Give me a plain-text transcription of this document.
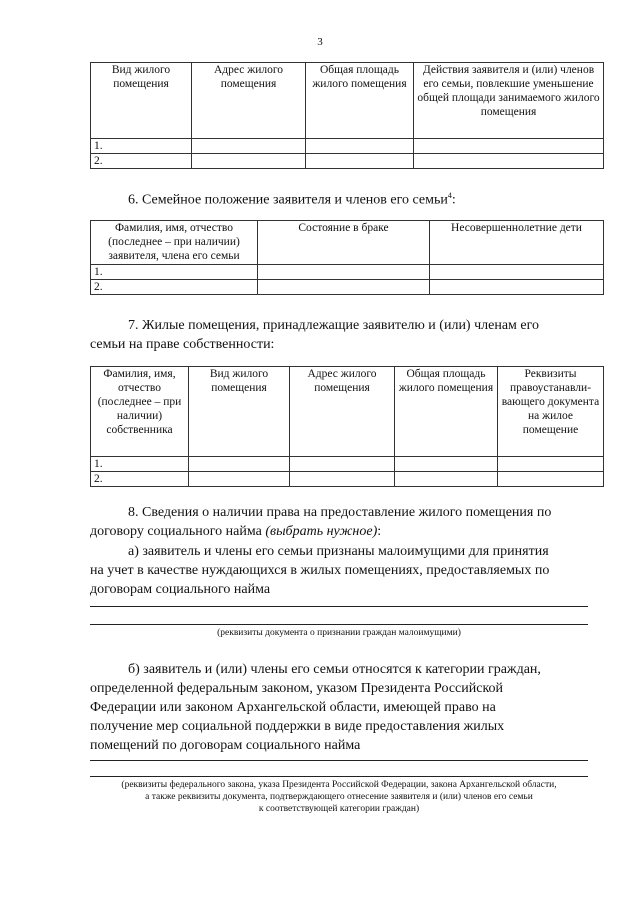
3
Вид жилого помещения	Адрес жилого помещения	Общая площадь жилого помещения	Действия заявителя и (или) членов его семьи, повлекшие уменьшение общей площади занимаемого жилого помещения
1.			
2.			
6. Семейное положение заявителя и членов его семьи$^4$:
Фамилия, имя, отчество (последнее – при наличии) заявителя, члена его семьи	Состояние в браке	Несовершеннолетние дети
1.		
2.		
7. Жилые помещения, принадлежащие заявителю и (или) членам его
семьи на праве собственности:
Фамилия, имя, отчество (последнее – при наличии) собственника	Вид жилого помещения	Адрес жилого помещения	Общая площадь жилого помещения	Реквизиты правоустанавли-вающего документа на жилое помещение
1.				
2.				
8. Сведения о наличии права на предоставление жилого помещения по
договору социального найма (выбрать нужное):
а) заявитель и члены его семьи признаны малоимущими для принятия
на учет в качестве нуждающихся в жилых помещениях, предоставляемых по
договорам социального найма
(реквизиты документа о признании граждан малоимущими)
б) заявитель и (или) члены его семьи относятся к категории граждан,
определенной федеральным законом, указом Президента Российской
Федерации или законом Архангельской области, имеющей право на
получение мер социальной поддержки в виде предоставления жилых
помещений по договорам социального найма
(реквизиты федерального закона, указа Президента Российской Федерации, закона Архангельской области,
а также реквизиты документа, подтверждающего отнесение заявителя и (или) членов его семьи
к соответствующей категории граждан)
